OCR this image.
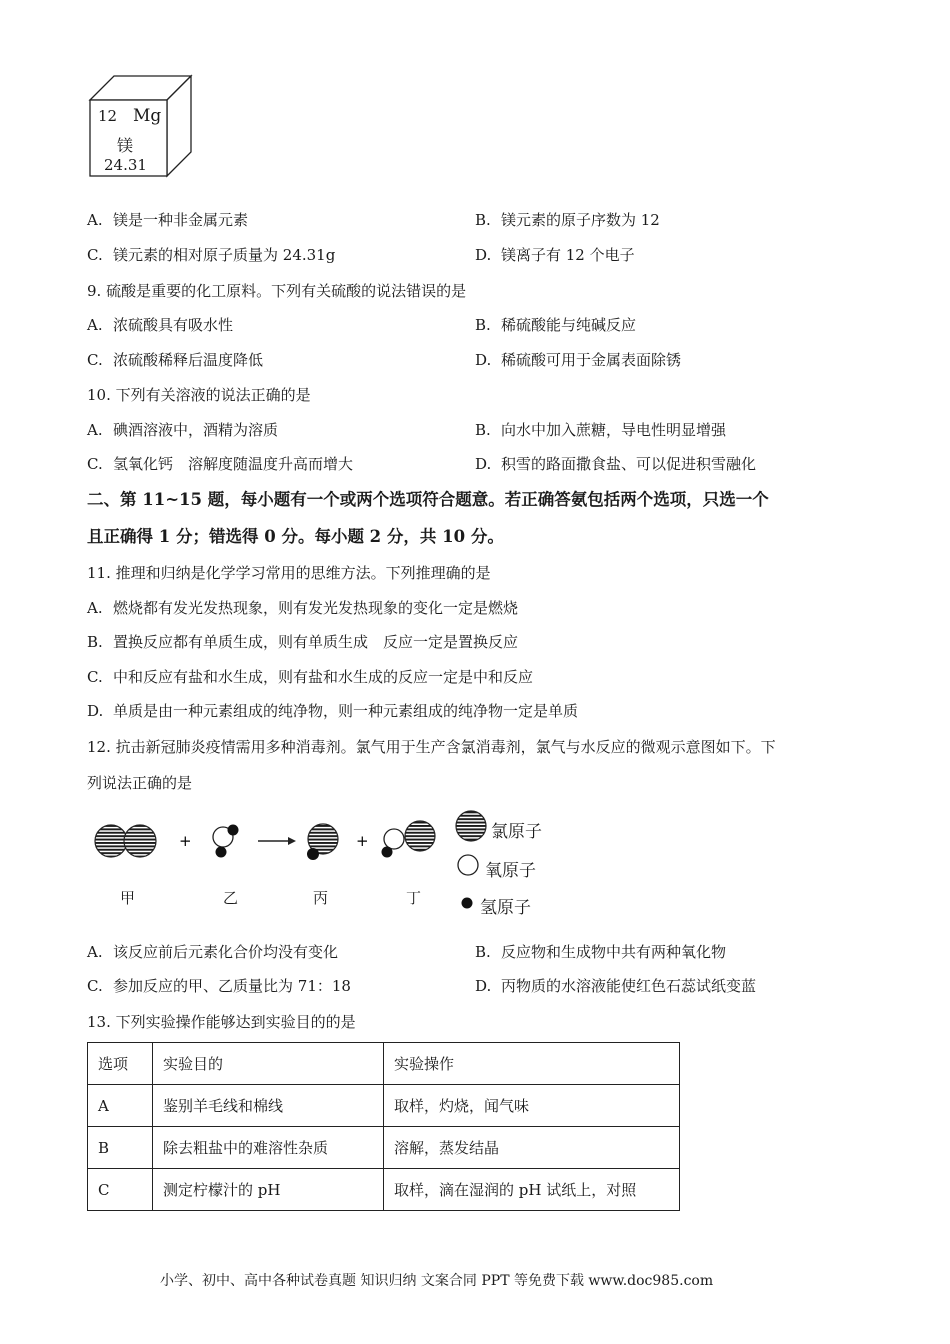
12 Mg
镁
24.31
A. 镁是一种非金属元素	B. 镁元素的原子序数为 12
C. 镁元素的相对原子质量为 24.31g	D. 镁离子有 12 个电子
9. 硫酸是重要的化工原料。下列有关硫酸的说法错误的是
A. 浓硫酸具有吸水性	B. 稀硫酸能与纯碱反应
C. 浓硫酸稀释后温度降低	D. 稀硫酸可用于金属表面除锈
10. 下列有关溶液的说法正确的是
A. 碘酒溶液中，酒精为溶质	B. 向水中加入蔗糖，导电性明显增强
C. 氢氧化钙　溶解度随温度升高而增大	D. 积雪的路面撒食盐、可以促进积雪融化
二、第 11~15 题，每小题有一个或两个选项符合题意。若正确答氨包括两个选项，只选一个
且正确得 1 分；错选得 0 分。每小题 2 分，共 10 分。
11. 推理和归纳是化学学习常用的思维方法。下列推理确的是
A. 燃烧都有发光发热现象，则有发光发热现象的变化一定是燃烧
B. 置换反应都有单质生成，则有单质生成　反应一定是置换反应
C. 中和反应有盐和水生成，则有盐和水生成的反应一定是中和反应
D. 单质是由一种元素组成的纯净物，则一种元素组成的纯净物一定是单质
12. 抗击新冠肺炎疫情需用多种消毒剂。氯气用于生产含氯消毒剂，氯气与水反应的微观示意图如下。下
列说法正确的是
+	+
甲	乙	丙	丁
氯原子
氧原子
氢原子
A. 该反应前后元素化合价均没有变化	B. 反应物和生成物中共有两种氧化物
C. 参加反应的甲、乙质量比为 71：18	D. 丙物质的水溶液能使红色石蕊试纸变蓝
13. 下列实验操作能够达到实验目的的是
选项	实验目的	实验操作
A	鉴别羊毛线和棉线	取样，灼烧，闻气味
B	除去粗盐中的难溶性杂质	溶解，蒸发结晶
C	测定柠檬汁的 pH	取样，滴在湿润的 pH 试纸上，对照
小学、初中、高中各种试卷真题 知识归纳 文案合同 PPT 等免费下载 www.doc985.com
